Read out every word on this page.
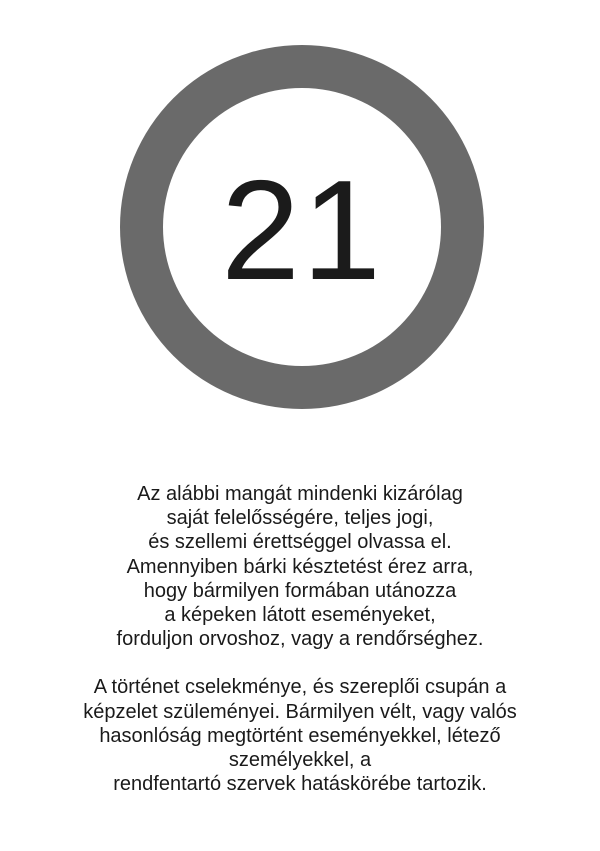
21
Az alábbi mangát mindenki kizárólag
saját felelősségére, teljes jogi,
és szellemi érettséggel olvassa el.
Amennyiben bárki késztetést érez arra,
hogy bármilyen formában utánozza
a képeken látott eseményeket,
forduljon orvoshoz, vagy a rendőrséghez.
A történet cselekménye, és szereplői csupán a
képzelet szüleményei. Bármilyen vélt, vagy valós
hasonlóság megtörtént eseményekkel, létező
személyekkel, a
rendfentartó szervek hatáskörébe tartozik.
